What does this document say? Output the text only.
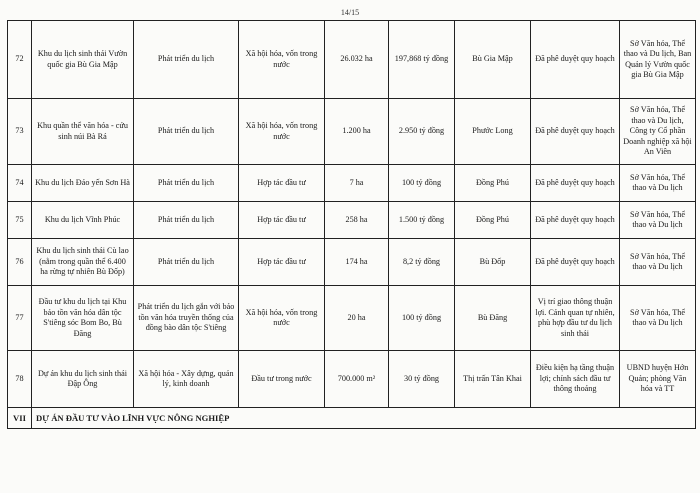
14/15
72	Khu du lịch sinh thái Vườn quốc gia Bù Gia Mập	Phát triển du lịch	Xã hội hóa, vốn trong nước	26.032 ha	197,868 tỷ đồng	Bù Gia Mập	Đã phê duyệt quy hoạch	Sở Văn hóa, Thể thao và Du lịch, Ban Quản lý Vườn quốc gia Bù Gia Mập
73	Khu quần thể văn hóa - cứu sinh núi Bà Rá	Phát triển du lịch	Xã hội hóa, vốn trong nước	1.200 ha	2.950 tỷ đồng	Phước Long	Đã phê duyệt quy hoạch	Sở Văn hóa, Thể thao và Du lịch, Công ty Cổ phần Doanh nghiệp xã hội An Viên
74	Khu du lịch Đảo yến Sơn Hà	Phát triển du lịch	Hợp tác đầu tư	7 ha	100 tỷ đồng	Đồng Phú	Đã phê duyệt quy hoạch	Sở Văn hóa, Thể thao và Du lịch
75	Khu du lịch Vĩnh Phúc	Phát triển du lịch	Hợp tác đầu tư	258 ha	1.500 tỷ đồng	Đồng Phú	Đã phê duyệt quy hoạch	Sở Văn hóa, Thể thao và Du lịch
76	Khu du lịch sinh thái Cù lao (nằm trong quần thể 6.400 ha rừng tự nhiên Bù Đốp)	Phát triển du lịch	Hợp tác đầu tư	174 ha	8,2 tỷ đồng	Bù Đốp	Đã phê duyệt quy hoạch	Sở Văn hóa, Thể thao và Du lịch
77	Đầu tư khu du lịch tại Khu bảo tồn văn hóa dân tộc S'tiêng sóc Bom Bo, Bù Đăng	Phát triển du lịch gắn với bảo tồn văn hóa truyền thống của đồng bào dân tộc S'tiêng	Xã hội hóa, vốn trong nước	20 ha	100 tỷ đồng	Bù Đăng	Vị trí giao thông thuận lợi. Cảnh quan tự nhiên, phù hợp đầu tư du lịch sinh thái	Sở Văn hóa, Thể thao và Du lịch
78	Dự án khu du lịch sinh thái Đập Ông	Xã hội hóa - Xây dựng, quản lý, kinh doanh	Đầu tư trong nước	700.000 m²	30 tỷ đồng	Thị trấn Tân Khai	Điều kiện hạ tầng thuận lợi; chính sách đầu tư thông thoáng	UBND huyện Hớn Quản; phòng Văn hóa và TT
VII	DỰ ÁN ĐẦU TƯ VÀO LĨNH VỰC NÔNG NGHIỆP							
